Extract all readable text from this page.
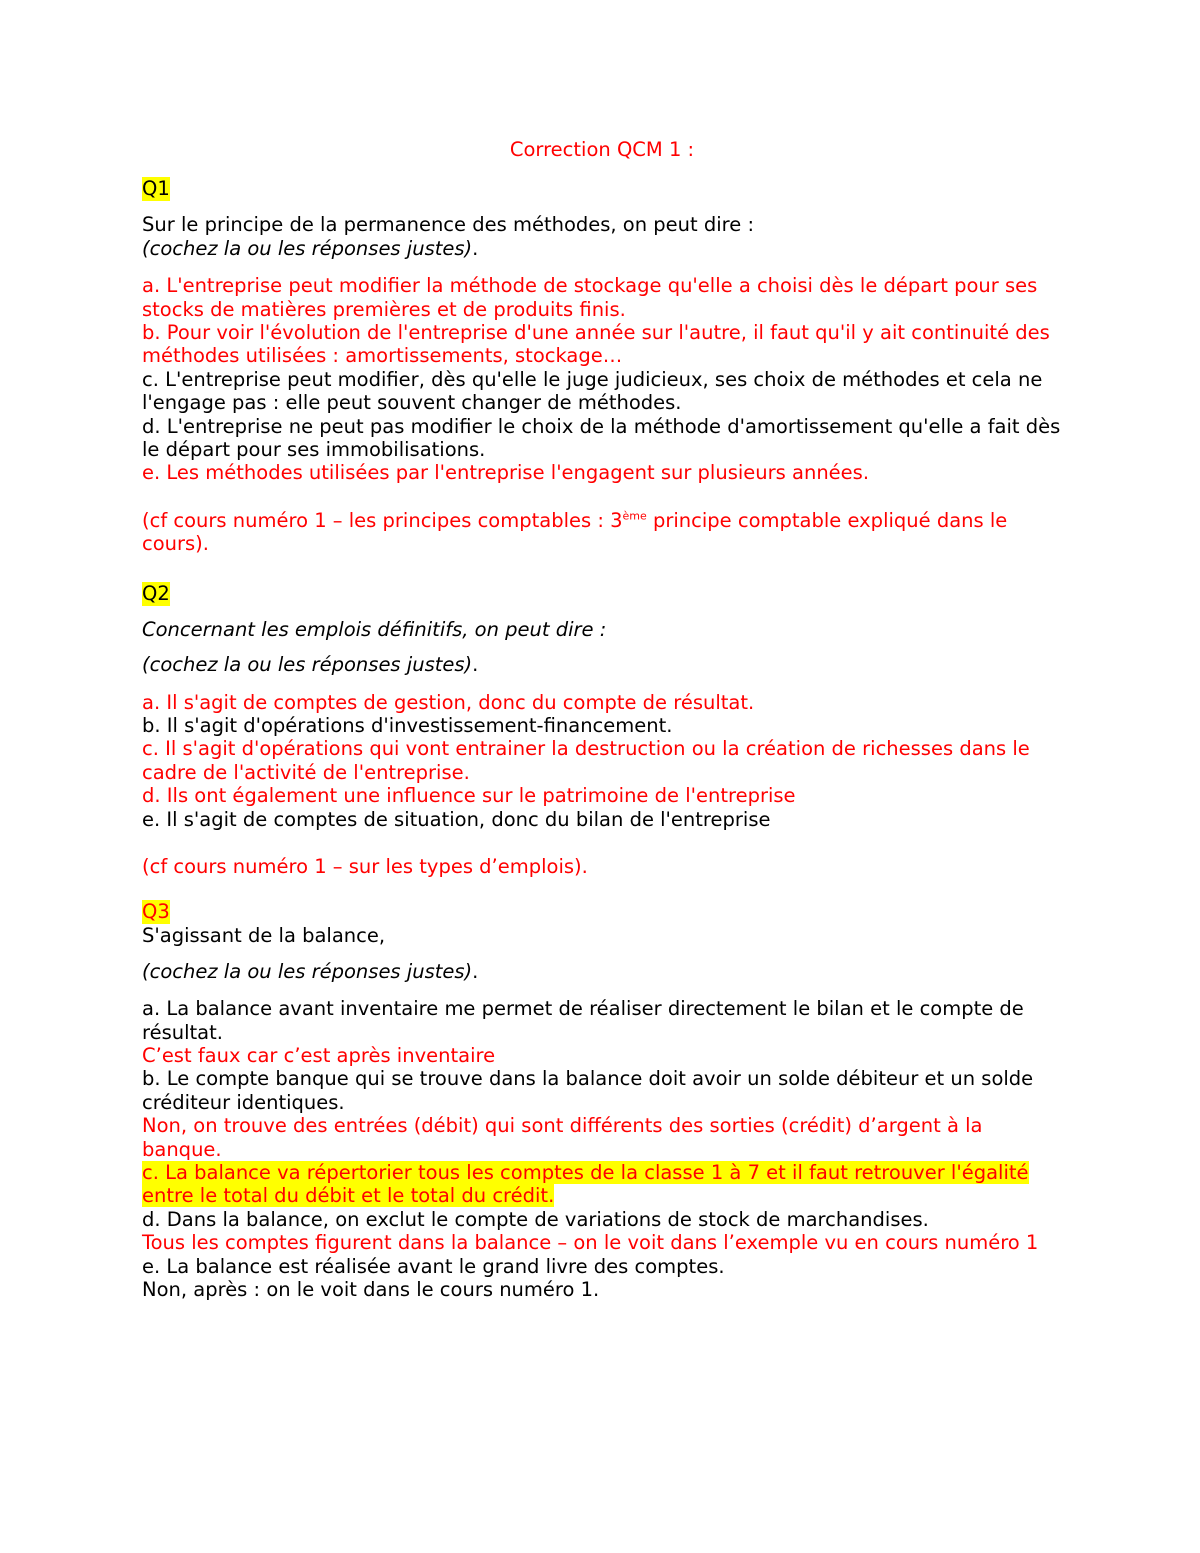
Correction QCM 1 :

Q1

Sur le principe de la permanence des méthodes, on peut dire :

(cochez la ou les réponses justes).

a. L'entreprise peut modifier la méthode de stockage qu'elle a choisi dès le départ pour ses stocks de matières premières et de produits finis.

b. Pour voir l'évolution de l'entreprise d'une année sur l'autre, il faut qu'il y ait continuité des méthodes utilisées : amortissements, stockage…

c. L'entreprise peut modifier, dès qu'elle le juge judicieux, ses choix de méthodes et cela ne l'engage pas : elle peut souvent changer de méthodes.

d. L'entreprise ne peut pas modifier le choix de la méthode d'amortissement qu'elle a fait dès le départ pour ses immobilisations.

e. Les méthodes utilisées par l'entreprise l'engagent sur plusieurs années.

(cf cours numéro 1 – les principes comptables : 3ème principe comptable expliqué dans le cours).

Q2

Concernant les emplois définitifs, on peut dire :

(cochez la ou les réponses justes).

a. Il s'agit de comptes de gestion, donc du compte de résultat.

b. Il s'agit d'opérations d'investissement-financement.

c. Il s'agit d'opérations qui vont entrainer la destruction ou la création de richesses dans le cadre de l'activité de l'entreprise.

d. Ils ont également une influence sur le patrimoine de l'entreprise

e. Il s'agit de comptes de situation, donc du bilan de l'entreprise

(cf cours numéro 1 – sur les types d’emplois).

Q3

S'agissant de la balance,

(cochez la ou les réponses justes).

a. La balance avant inventaire me permet de réaliser directement le bilan et le compte de résultat.

C’est faux car c’est après inventaire

b. Le compte banque qui se trouve dans la balance doit avoir un solde débiteur et un solde créditeur identiques.

Non, on trouve des entrées (débit) qui sont différents des sorties (crédit) d’argent à la banque.

c. La balance va répertorier tous les comptes de la classe 1 à 7 et il faut retrouver l'égalité entre le total du débit et le total du crédit.

d. Dans la balance, on exclut le compte de variations de stock de marchandises.

Tous les comptes figurent dans la balance – on le voit dans l’exemple vu en cours numéro 1

e. La balance est réalisée avant le grand livre des comptes.

Non, après : on le voit dans le cours numéro 1.
